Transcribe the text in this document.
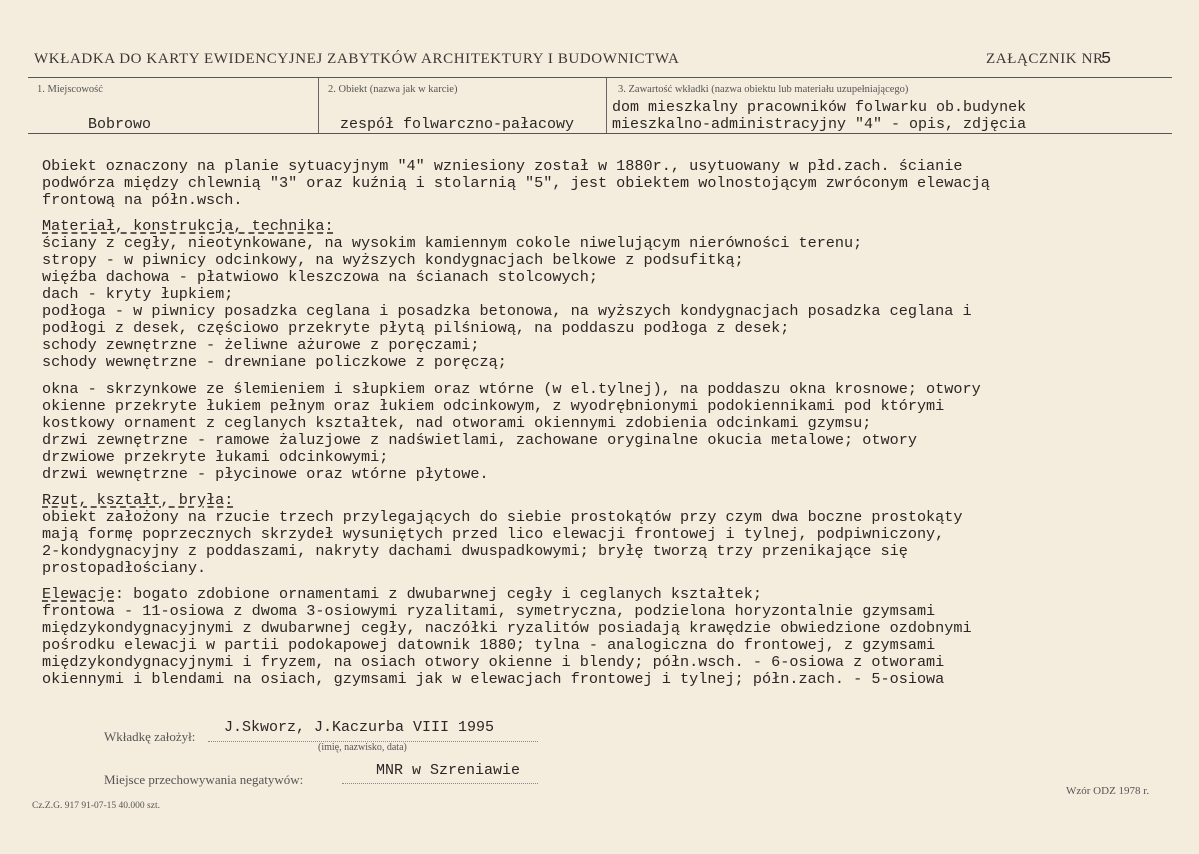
WKŁADKA DO KARTY EWIDENCYJNEJ ZABYTKÓW ARCHITEKTURY I BUDOWNICTWA	ZAŁĄCZNIK NR
5
1. Miejscowość
Bobrowo
2. Obiekt (nazwa jak w karcie)
zespół folwarczno-pałacowy
3. Zawartość wkładki (nazwa obiektu lub materiału uzupełniającego)
dom mieszkalny pracowników folwarku ob.budynek
mieszkalno-administracyjny "4" - opis, zdjęcia
Obiekt oznaczony na planie sytuacyjnym "4" wzniesiony został w 1880r., usytuowany w płd.zach. ścianie
podwórza między chlewnią "3" oraz kuźnią i stolarnią "5", jest obiektem wolnostojącym zwróconym elewacją
frontową na półn.wsch.
Materiał, konstrukcja, technika:
ściany z cegły, nieotynkowane, na wysokim kamiennym cokole niwelującym nierówności terenu;
stropy - w piwnicy odcinkowy, na wyższych kondygnacjach belkowe z podsufitką;
więźba dachowa - płatwiowo kleszczowa na ścianach stolcowych;
dach - kryty łupkiem;
podłoga - w piwnicy posadzka ceglana i posadzka betonowa, na wyższych kondygnacjach posadzka ceglana i
podłogi z desek, częściowo przekryte płytą pilśniową, na poddaszu podłoga z desek;
schody zewnętrzne - żeliwne ażurowe z poręczami;
schody wewnętrzne - drewniane policzkowe z poręczą;
okna - skrzynkowe ze ślemieniem i słupkiem oraz wtórne (w el.tylnej), na poddaszu okna krosnowe; otwory
okienne przekryte łukiem pełnym oraz łukiem odcinkowym, z wyodrębnionymi podokiennikami pod którymi
kostkowy ornament z ceglanych kształtek, nad otworami okiennymi zdobienia odcinkami gzymsu;
drzwi zewnętrzne - ramowe żaluzjowe z nadświetlami, zachowane oryginalne okucia metalowe; otwory
drzwiowe przekryte łukami odcinkowymi;
drzwi wewnętrzne - płycinowe oraz wtórne płytowe.
Rzut, kształt, bryła:
obiekt założony na rzucie trzech przylegających do siebie prostokątów przy czym dwa boczne prostokąty
mają formę poprzecznych skrzydeł wysuniętych przed lico elewacji frontowej i tylnej, podpiwniczony,
2-kondygnacyjny z poddaszami, nakryty dachami dwuspadkowymi; bryłę tworzą trzy przenikające się
prostopadłościany.
Elewacje: bogato zdobione ornamentami z dwubarwnej cegły i ceglanych kształtek;
frontowa - 11-osiowa z dwoma 3-osiowymi ryzalitami, symetryczna, podzielona horyzontalnie gzymsami
międzykondygnacyjnymi z dwubarwnej cegły, naczółki ryzalitów posiadają krawędzie obwiedzione ozdobnymi
pośrodku elewacji w partii podokapowej datownik 1880; tylna - analogiczna do frontowej, z gzymsami
międzykondygnacyjnymi i fryzem, na osiach otwory okienne i blendy; półn.wsch. - 6-osiowa z otworami
okiennymi i blendami na osiach, gzymsami jak w elewacjach frontowej i tylnej; półn.zach. - 5-osiowa
Wkładkę założył:
J.Skworz, J.Kaczurba VIII 1995
(imię, nazwisko, data)
Miejsce przechowywania negatywów:
MNR w Szreniawie
Cz.Z.G. 917 91-07-15 40.000 szt.
Wzór ODZ 1978 r.
